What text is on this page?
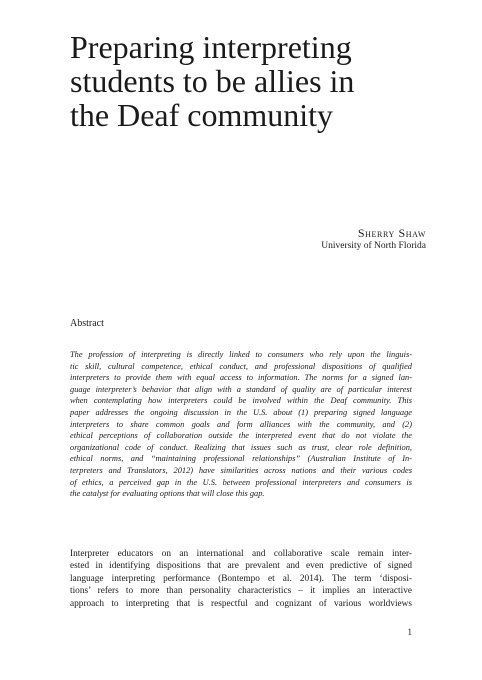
Preparing interpreting
students to be allies in
the Deaf community
Sherry Shaw
University of North Florida
Abstract
The profession of interpreting is directly linked to consumers who rely upon the linguis-
tic skill, cultural competence, ethical conduct, and professional dispositions of qualified
interpreters to provide them with equal access to information. The norms for a signed lan-
guage interpreter’s behavior that align with a standard of quality are of particular interest
when contemplating how interpreters could be involved within the Deaf community. This
paper addresses the ongoing discussion in the U.S. about (1) preparing signed language
interpreters to share common goals and form alliances with the community, and (2)
ethical perceptions of collaboration outside the interpreted event that do not violate the
organizational code of conduct. Realizing that issues such as trust, clear role definition,
ethical norms, and “maintaining professional relationships” (Australian Institute of In-
terpreters and Translators, 2012) have similarities across nations and their various codes
of ethics, a perceived gap in the U.S. between professional interpreters and consumers is
the catalyst for evaluating options that will close this gap.
Interpreter educators on an international and collaborative scale remain inter-
ested in identifying dispositions that are prevalent and even predictive of signed
language interpreting performance (Bontempo et al. 2014). The term ‘disposi-
tions’ refers to more than personality characteristics – it implies an interactive
approach to interpreting that is respectful and cognizant of various worldviews
1
